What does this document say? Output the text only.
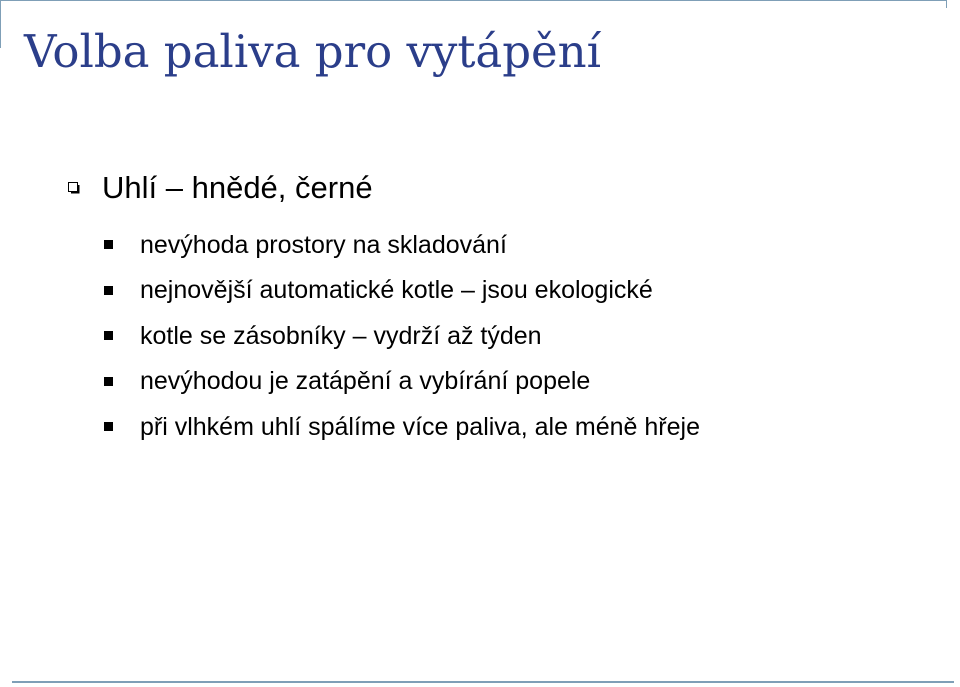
Volba paliva pro vytápění
Uhlí – hnědé, černé
nevýhoda prostory na skladování
nejnovější automatické kotle – jsou ekologické
kotle se zásobníky – vydrží až týden
nevýhodou je zatápění a vybírání popele
při vlhkém uhlí spálíme více paliva, ale méně hřeje
